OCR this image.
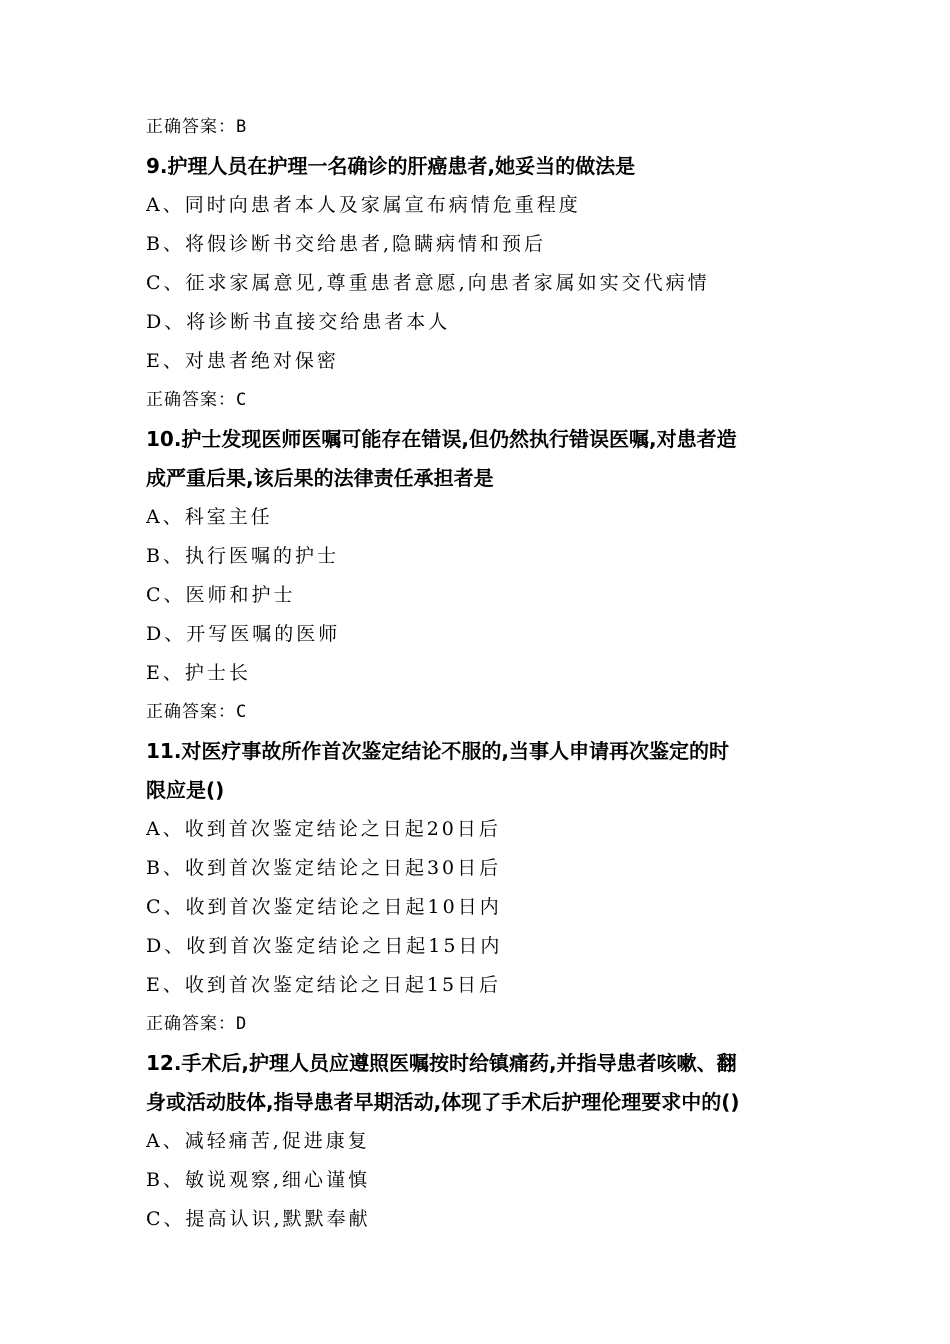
正确答案：B
9.护理人员在护理一名确诊的肝癌患者,她妥当的做法是
A、同时向患者本人及家属宣布病情危重程度
B、将假诊断书交给患者,隐瞒病情和预后
C、征求家属意见,尊重患者意愿,向患者家属如实交代病情
D、将诊断书直接交给患者本人
E、对患者绝对保密
正确答案：C
10.护士发现医师医嘱可能存在错误,但仍然执行错误医嘱,对患者造
成严重后果,该后果的法律责任承担者是
A、科室主任
B、执行医嘱的护士
C、医师和护士
D、开写医嘱的医师
E、护士长
正确答案：C
11.对医疗事故所作首次鉴定结论不服的,当事人申请再次鉴定的时
限应是()
A、收到首次鉴定结论之日起20日后
B、收到首次鉴定结论之日起30日后
C、收到首次鉴定结论之日起10日内
D、收到首次鉴定结论之日起15日内
E、收到首次鉴定结论之日起15日后
正确答案：D
12.手术后,护理人员应遵照医嘱按时给镇痛药,并指导患者咳嗽、翻
身或活动肢体,指导患者早期活动,体现了手术后护理伦理要求中的()
A、减轻痛苦,促进康复
B、敏说观察,细心谨慎
C、提高认识,默默奉献
